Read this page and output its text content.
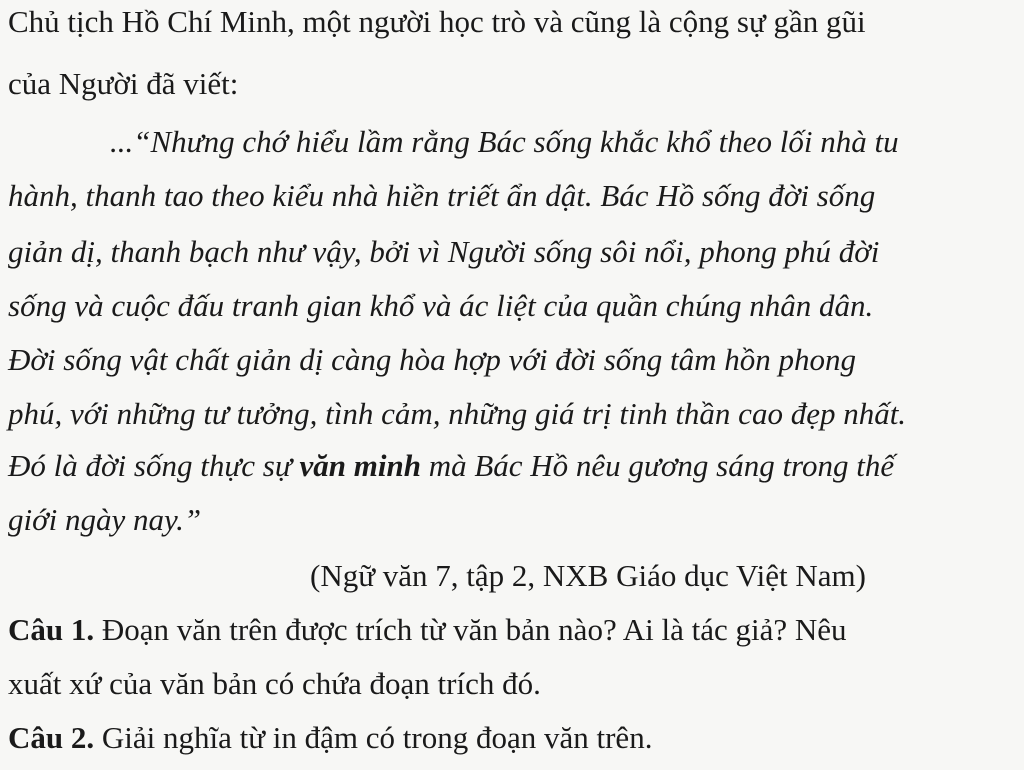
Chủ tịch Hồ Chí Minh, một người học trò và cũng là cộng sự gần gũi
của Người đã viết:
...“Nhưng chớ hiểu lầm rằng Bác sống khắc khổ theo lối nhà tu
hành, thanh tao theo kiểu nhà hiền triết ẩn dật. Bác Hồ sống đời sống
giản dị, thanh bạch như vậy, bởi vì Người sống sôi nổi, phong phú đời
sống và cuộc đấu tranh gian khổ và ác liệt của quần chúng nhân dân.
Đời sống vật chất giản dị càng hòa hợp với đời sống tâm hồn phong
phú, với những tư tưởng, tình cảm, những giá trị tinh thần cao đẹp nhất.
Đó là đời sống thực sự văn minh mà Bác Hồ nêu gương sáng trong thế
giới ngày nay.”
(Ngữ văn 7, tập 2, NXB Giáo dục Việt Nam)
Câu 1. Đoạn văn trên được trích từ văn bản nào? Ai là tác giả? Nêu
xuất xứ của văn bản có chứa đoạn trích đó.
Câu 2. Giải nghĩa từ in đậm có trong đoạn văn trên.
